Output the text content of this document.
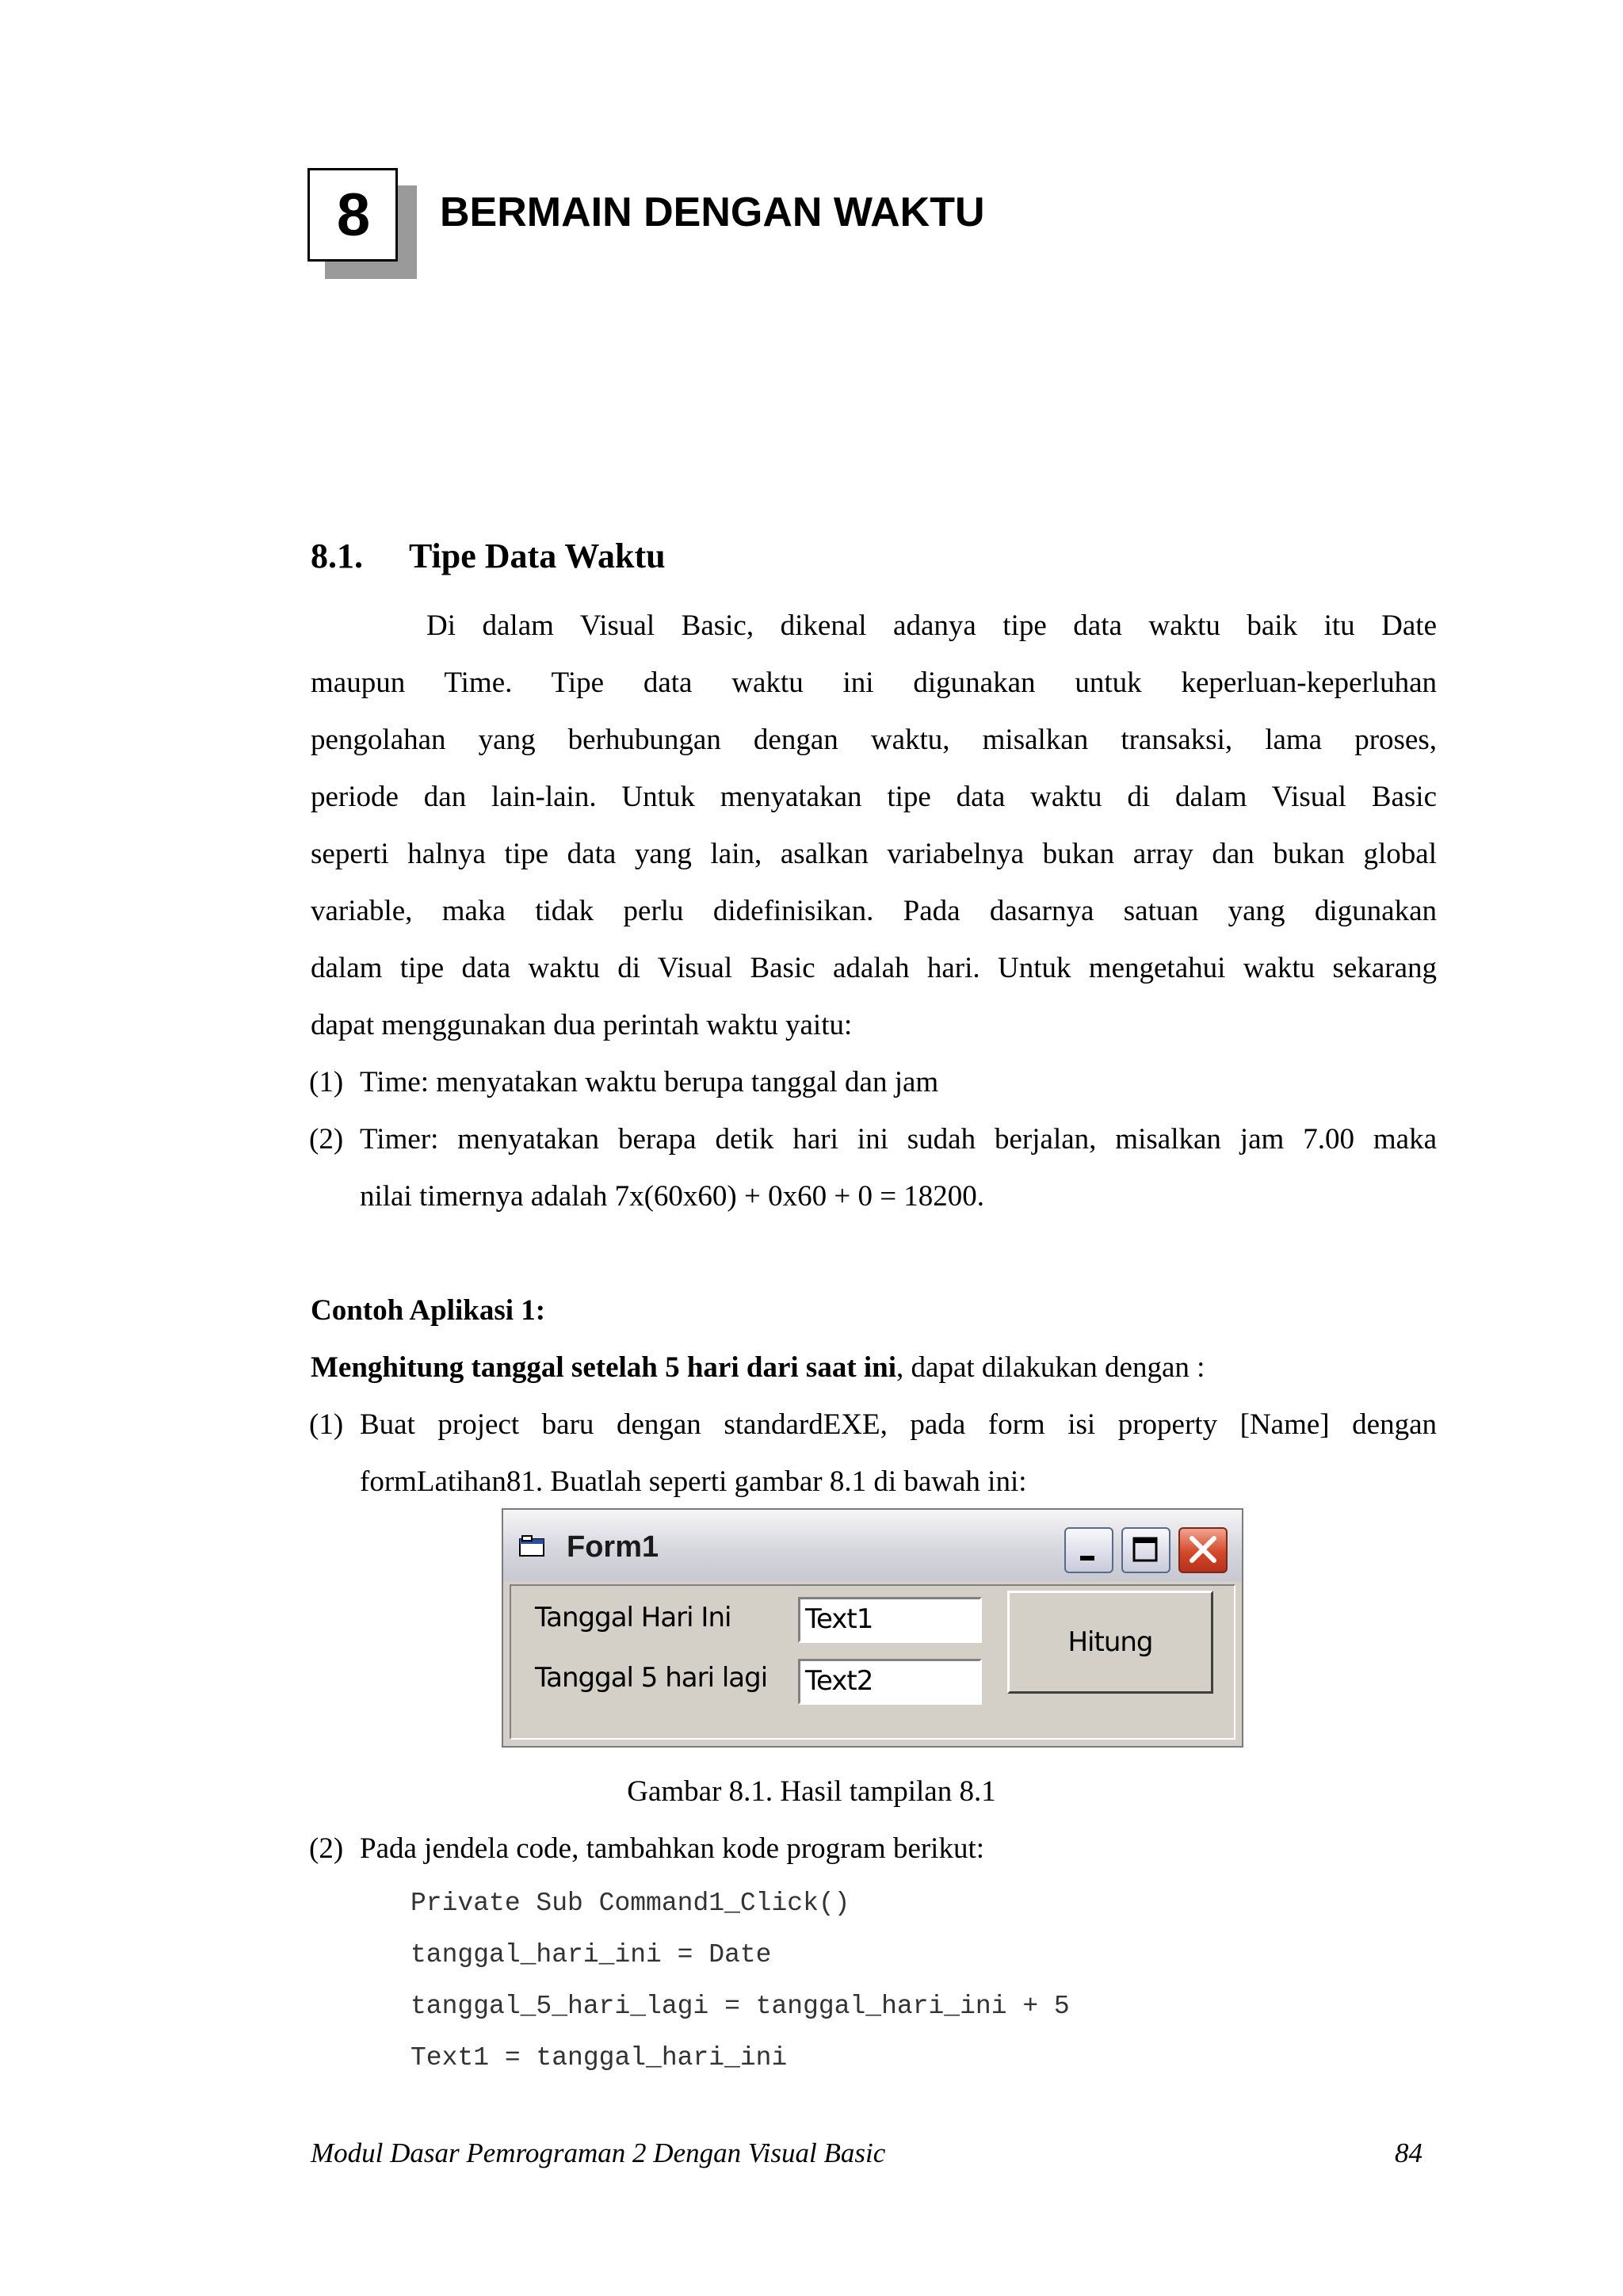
8	BERMAIN DENGAN WAKTU
8.1. Tipe Data Waktu
Di dalam Visual Basic, dikenal adanya tipe data waktu baik itu Date
maupun Time. Tipe data waktu ini digunakan untuk keperluan-keperluhan
pengolahan yang berhubungan dengan waktu, misalkan transaksi, lama proses,
periode dan lain-lain. Untuk menyatakan tipe data waktu di dalam Visual Basic
seperti halnya tipe data yang lain, asalkan variabelnya bukan array dan bukan global
variable, maka tidak perlu didefinisikan. Pada dasarnya satuan yang digunakan
dalam tipe data waktu di Visual Basic adalah hari. Untuk mengetahui waktu sekarang
dapat menggunakan dua perintah waktu yaitu:
(1) Time: menyatakan waktu berupa tanggal dan jam
(2) Timer: menyatakan berapa detik hari ini sudah berjalan, misalkan jam 7.00 maka
nilai timernya adalah 7x(60x60) + 0x60 + 0 = 18200.
Contoh Aplikasi 1:
Menghitung tanggal setelah 5 hari dari saat ini, dapat dilakukan dengan :
(1) Buat project baru dengan standardEXE, pada form isi property [Name] dengan
formLatihan81. Buatlah seperti gambar 8.1 di bawah ini:
Form1
Tanggal Hari Ini
Tanggal 5 hari lagi
Text1
Text2
Hitung
Gambar 8.1. Hasil tampilan 8.1
(2) Pada jendela code, tambahkan kode program berikut:
Private Sub Command1_Click()
tanggal_hari_ini = Date
tanggal_5_hari_lagi = tanggal_hari_ini + 5
Text1 = tanggal_hari_ini
Modul Dasar Pemrograman 2 Dengan Visual Basic	84
